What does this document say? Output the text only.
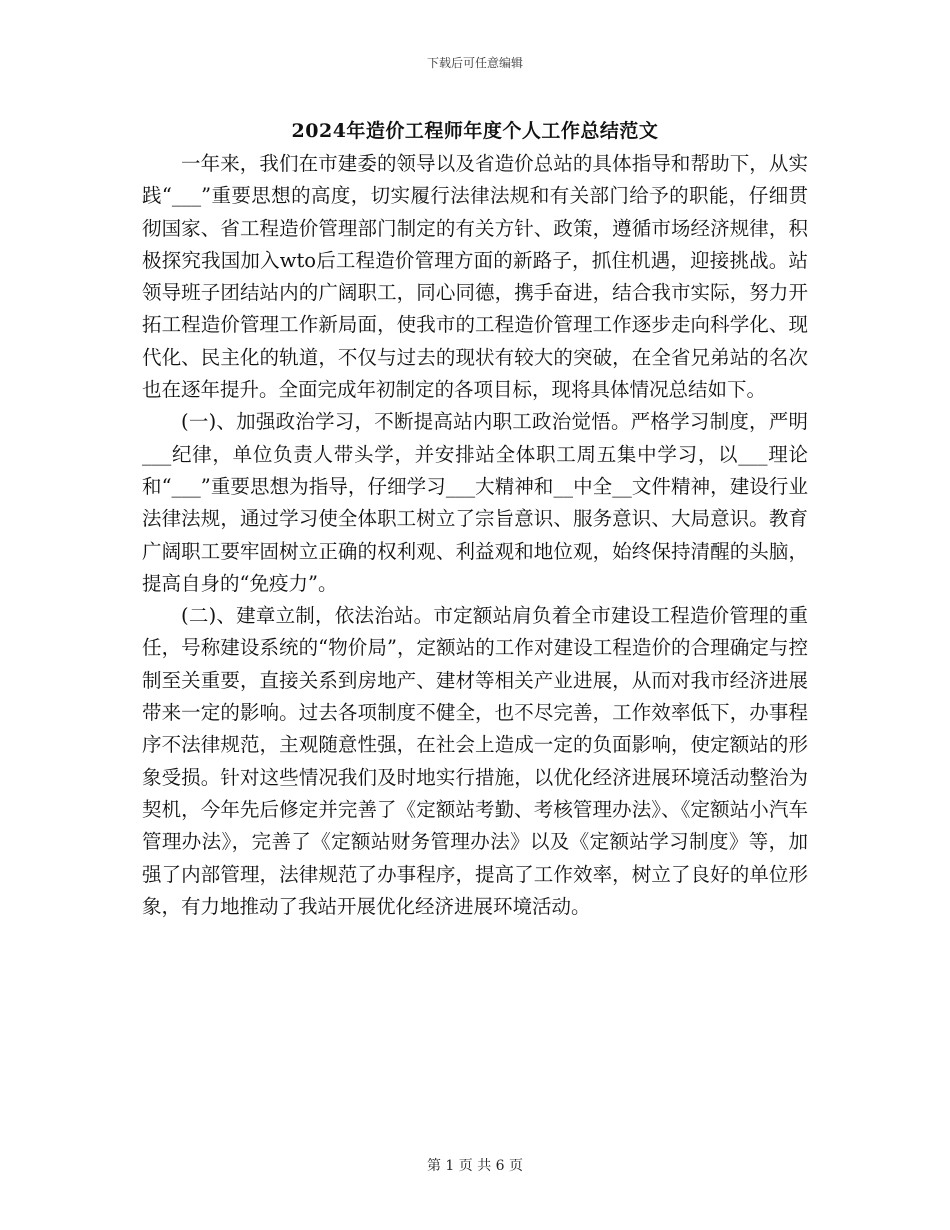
下载后可任意编辑
2024年造价工程师年度个人工作总结范文

一年来，我们在市建委的领导以及省造价总站的具体指导和帮助下，从实践“___”重要思想的高度，切实履行法律法规和有关部门给予的职能，仔细贯彻国家、省工程造价管理部门制定的有关方针、政策，遵循市场经济规律，积极探究我国加入wto后工程造价管理方面的新路子，抓住机遇，迎接挑战。站领导班子团结站内的广阔职工，同心同德，携手奋进，结合我市实际，努力开拓工程造价管理工作新局面，使我市的工程造价管理工作逐步走向科学化、现代化、民主化的轨道，不仅与过去的现状有较大的突破，在全省兄弟站的名次也在逐年提升。全面完成年初制定的各项目标，现将具体情况总结如下。

(一)、加强政治学习，不断提高站内职工政治觉悟。严格学习制度，严明___纪律，单位负责人带头学，并安排站全体职工周五集中学习，以___理论和“___”重要思想为指导，仔细学习___大精神和__中全__文件精神，建设行业法律法规，通过学习使全体职工树立了宗旨意识、服务意识、大局意识。教育广阔职工要牢固树立正确的权利观、利益观和地位观，始终保持清醒的头脑，提高自身的“免疫力”。

(二)、建章立制，依法治站。市定额站肩负着全市建设工程造价管理的重任，号称建设系统的“物价局”，定额站的工作对建设工程造价的合理确定与控制至关重要，直接关系到房地产、建材等相关产业进展，从而对我市经济进展带来一定的影响。过去各项制度不健全，也不尽完善，工作效率低下，办事程序不法律规范，主观随意性强，在社会上造成一定的负面影响，使定额站的形象受损。针对这些情况我们及时地实行措施，以优化经济进展环境活动整治为契机，今年先后修定并完善了《定额站考勤、考核管理办法》、《定额站小汽车管理办法》，完善了《定额站财务管理办法》以及《定额站学习制度》等，加强了内部管理，法律规范了办事程序，提高了工作效率，树立了良好的单位形象，有力地推动了我站开展优化经济进展环境活动。

第 1 页 共 6 页
